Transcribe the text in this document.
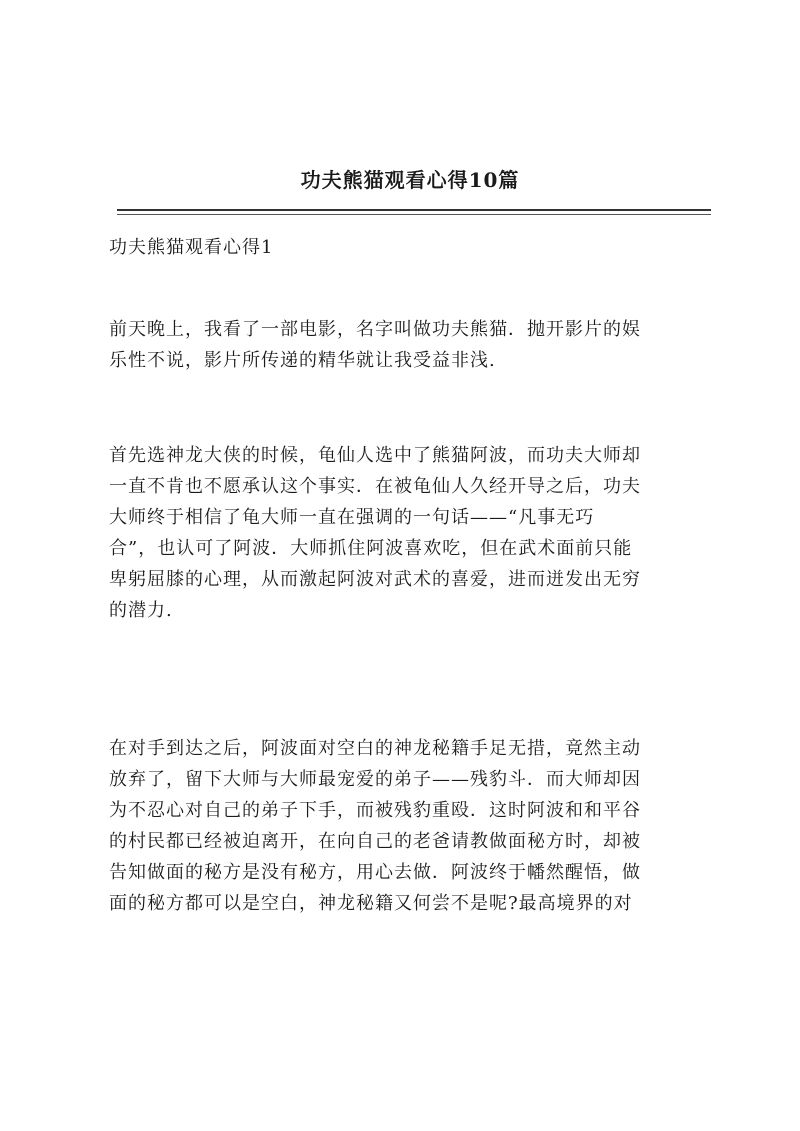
功夫熊猫观看心得10篇
功夫熊猫观看心得1
前天晚上，我看了一部电影，名字叫做功夫熊猫．抛开影片的娱
乐性不说，影片所传递的精华就让我受益非浅.
首先选神龙大侠的时候，龟仙人选中了熊猫阿波，而功夫大师却
一直不肯也不愿承认这个事实．在被龟仙人久经开导之后，功夫
大师终于相信了龟大师一直在强调的一句话——“凡事无巧
合”，也认可了阿波．大师抓住阿波喜欢吃，但在武术面前只能
卑躬屈膝的心理，从而激起阿波对武术的喜爱，进而迸发出无穷
的潜力.
在对手到达之后，阿波面对空白的神龙秘籍手足无措，竟然主动
放弃了，留下大师与大师最宠爱的弟子——残豹斗．而大师却因
为不忍心对自己的弟子下手，而被残豹重殴．这时阿波和和平谷
的村民都已经被迫离开，在向自己的老爸请教做面秘方时，却被
告知做面的秘方是没有秘方，用心去做．阿波终于幡然醒悟，做
面的秘方都可以是空白，神龙秘籍又何尝不是呢?最高境界的对
